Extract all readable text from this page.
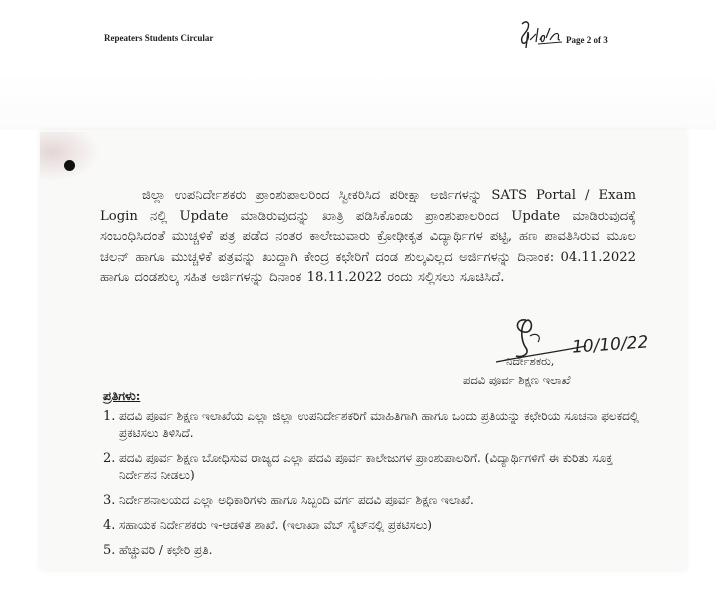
Repeaters Students Circular	Page 2 of 3
ಜಿಲ್ಲಾ ಉಪನಿರ್ದೇಶಕರು ಪ್ರಾಂಶುಪಾಲರಿಂದ ಸ್ವೀಕರಿಸಿದ ಪರೀಕ್ಷಾ ಅರ್ಜಿಗಳನ್ನು SATS Portal / Exam Login ನಲ್ಲಿ Update ಮಾಡಿರುವುದನ್ನು ಖಾತ್ರಿ ಪಡಿಸಿಕೊಂಡು ಪ್ರಾಂಶುಪಾಲರಿಂದ Update ಮಾಡಿರುವುದಕ್ಕೆ ಸಂಬಂಧಿಸಿದಂತೆ ಮುಚ್ಚಳಿಕೆ ಪತ್ರ ಪಡೆದ ನಂತರ ಕಾಲೇಜುವಾರು ಕ್ರೋಢೀಕೃತ ವಿದ್ಯಾರ್ಥಿಗಳ ಪಟ್ಟಿ, ಹಣ ಪಾವತಿಸಿರುವ ಮೂಲ ಚಲನ್ ಹಾಗೂ ಮುಚ್ಚಳಿಕೆ ಪತ್ರವನ್ನು ಖುದ್ದಾಗಿ ಕೇಂದ್ರ ಕಛೇರಿಗೆ ದಂಡ ಶುಲ್ಕವಿಲ್ಲದ ಅರ್ಜಿಗಳನ್ನು ದಿನಾಂಕ: 04.11.2022 ಹಾಗೂ ದಂಡಶುಲ್ಕ ಸಹಿತ ಅರ್ಜಿಗಳನ್ನು ದಿನಾಂಕ 18.11.2022 ರಂದು ಸಲ್ಲಿಸಲು ಸೂಚಿಸಿದೆ.
10/10/22
ನಿರ್ದೇಶಕರು,
ಪದವಿ ಪೂರ್ವ ಶಿಕ್ಷಣ ಇಲಾಖೆ
ಪ್ರತಿಗಳು:
1. ಪದವಿ ಪೂರ್ವ ಶಿಕ್ಷಣ ಇಲಾಖೆಯ ಎಲ್ಲಾ ಜಿಲ್ಲಾ ಉಪನಿರ್ದೇಶಕರಿಗೆ ಮಾಹಿತಿಗಾಗಿ ಹಾಗೂ ಒಂದು ಪ್ರತಿಯನ್ನು ಕಛೇರಿಯ ಸೂಚನಾ ಫಲಕದಲ್ಲಿ ಪ್ರಕಟಿಸಲು ತಿಳಿಸಿದೆ.
2. ಪದವಿ ಪೂರ್ವ ಶಿಕ್ಷಣ ಬೋಧಿಸುವ ರಾಜ್ಯದ ಎಲ್ಲಾ ಪದವಿ ಪೂರ್ವ ಕಾಲೇಜುಗಳ ಪ್ರಾಂಶುಪಾಲರಿಗೆ. (ವಿದ್ಯಾರ್ಥಿಗಳಿಗೆ ಈ ಕುರಿತು ಸೂಕ್ತ ನಿರ್ದೇಶನ ನೀಡಲು)
3. ನಿರ್ದೇಶನಾಲಯದ ಎಲ್ಲಾ ಅಧಿಕಾರಿಗಳು ಹಾಗೂ ಸಿಬ್ಬಂದಿ ವರ್ಗ ಪದವಿ ಪೂರ್ವ ಶಿಕ್ಷಣ ಇಲಾಖೆ.
4. ಸಹಾಯಕ ನಿರ್ದೇಶಕರು ಇ-ಆಡಳಿತ ಶಾಖೆ. (ಇಲಾಖಾ ವೆಬ್ ಸೈಟ್‌ನಲ್ಲಿ ಪ್ರಕಟಿಸಲು)
5. ಹೆಚ್ಚುವರಿ / ಕಛೇರಿ ಪ್ರತಿ.
